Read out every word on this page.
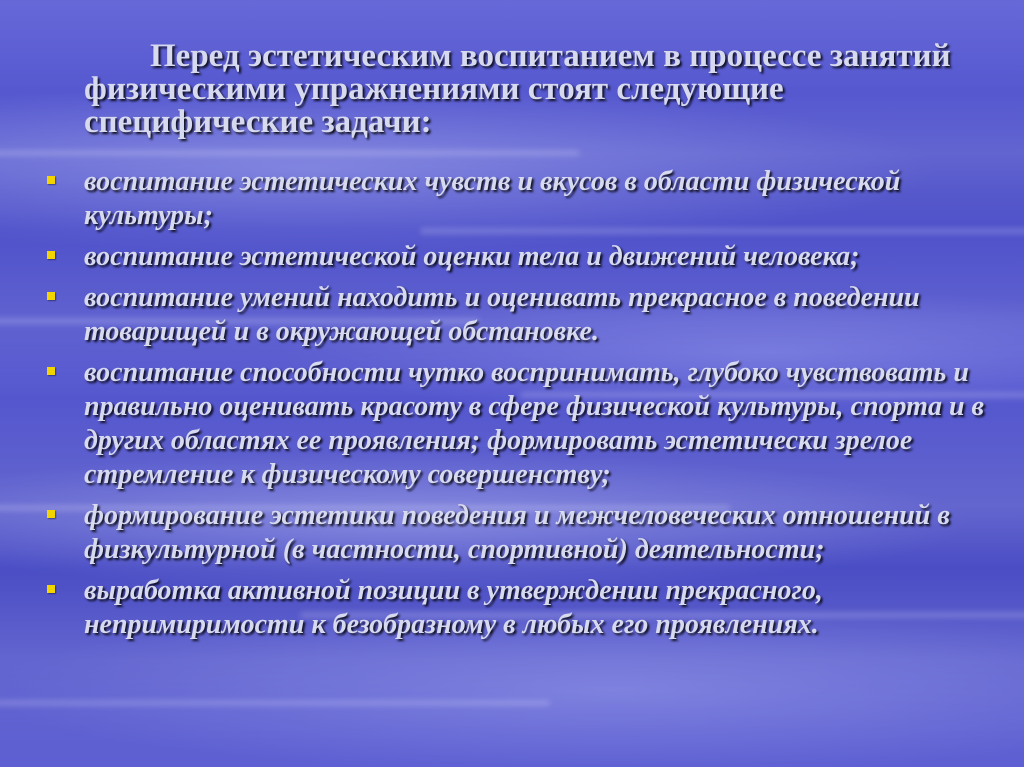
Перед эстетическим воспитанием в процессе занятий физическими упражнениями стоят следующие специфические задачи:
воспитание эстетических чувств и вкусов в области физической культуры;
воспитание эстетической оценки тела и движений человека;
воспитание умений находить и оценивать прекрасное в поведении товарищей и в окружающей обстановке.
воспитание способности чутко воспринимать, глубоко чувствовать и правильно оценивать красоту в сфере физической культуры, спорта и в других областях ее проявления; формировать эстетически зрелое стремление к физическому совершенству;
формирование эстетики поведения и межчеловеческих отношений в физкультурной (в частности, спортивной) деятельности;
выработка активной позиции в утверждении прекрасного, непримиримости к безобразному в любых его проявлениях.
